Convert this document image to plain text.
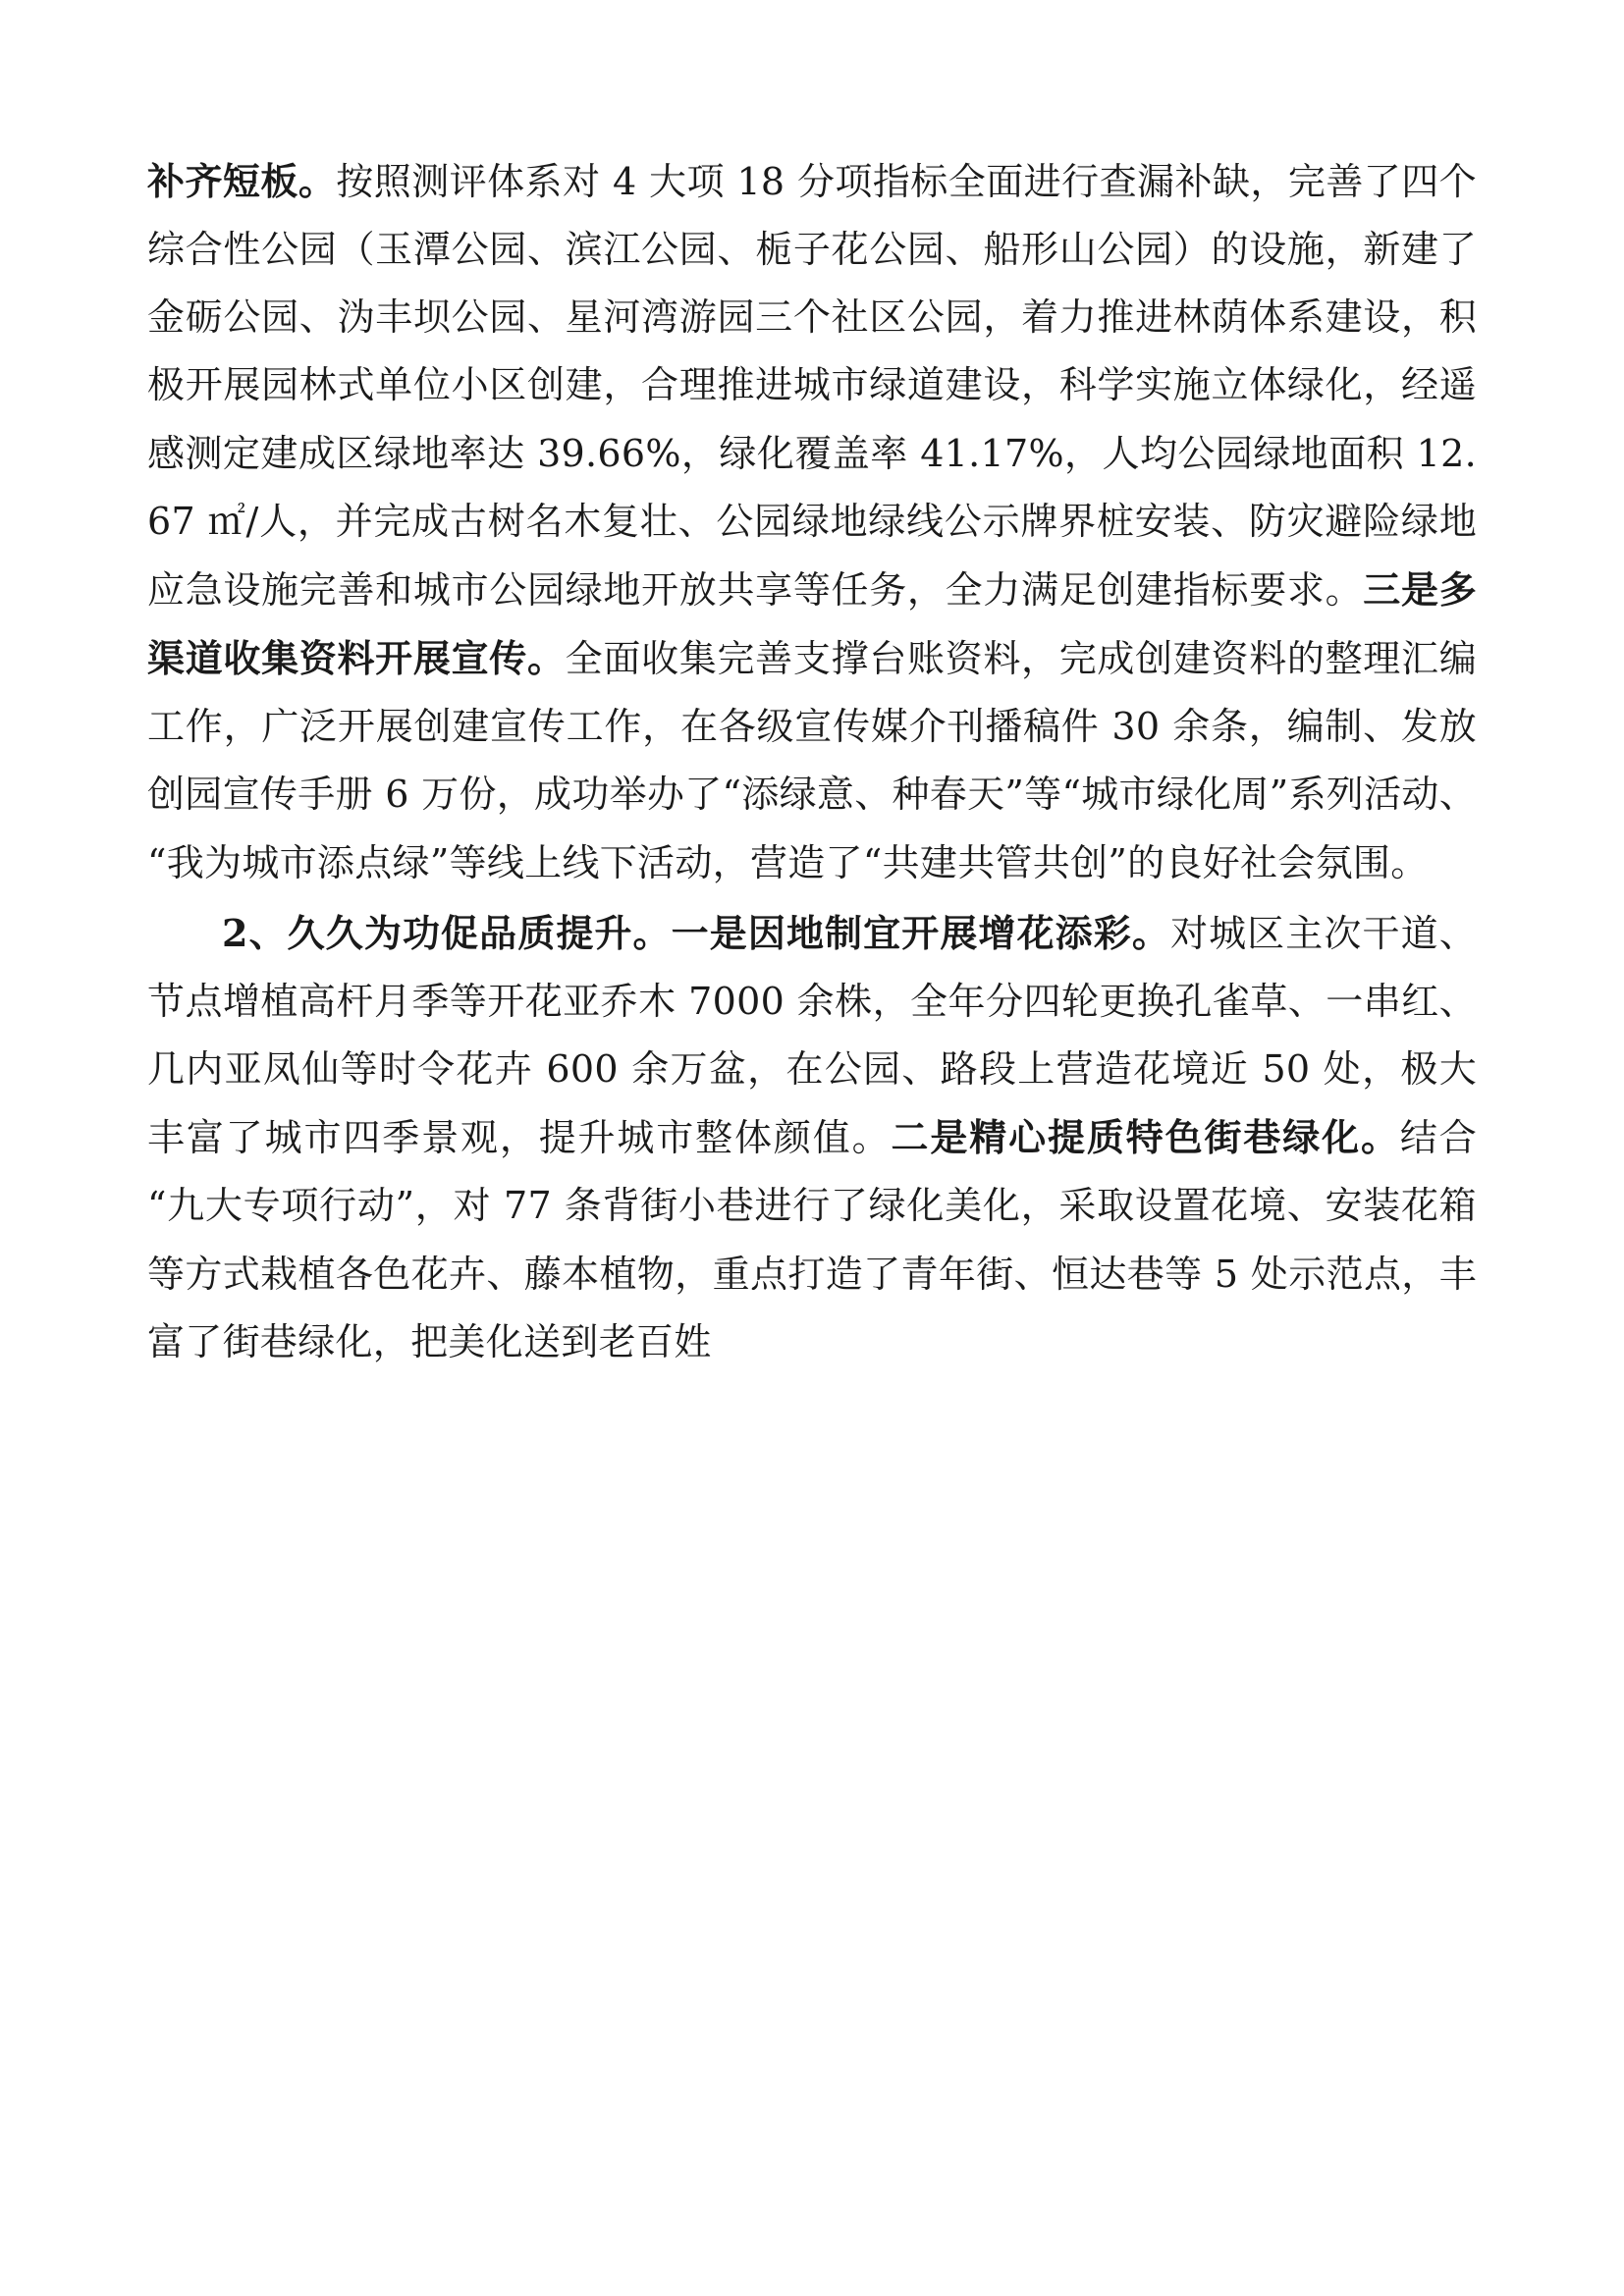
补齐短板。按照测评体系对 4 大项 18 分项指标全面进行查漏补缺，完善了四个综合性公园（玉潭公园、滨江公园、栀子花公园、船形山公园）的设施，新建了金砺公园、沩丰坝公园、星河湾游园三个社区公园，着力推进林荫体系建设，积极开展园林式单位小区创建，合理推进城市绿道建设，科学实施立体绿化，经遥感测定建成区绿地率达 39.66%，绿化覆盖率 41.17%，人均公园绿地面积 12.67 ㎡/人，并完成古树名木复壮、公园绿地绿线公示牌界桩安装、防灾避险绿地应急设施完善和城市公园绿地开放共享等任务，全力满足创建指标要求。三是多渠道收集资料开展宣传。全面收集完善支撑台账资料，完成创建资料的整理汇编工作，广泛开展创建宣传工作，在各级宣传媒介刊播稿件 30 余条，编制、发放创园宣传手册 6 万份，成功举办了“添绿意、种春天”等“城市绿化周”系列活动、“我为城市添点绿”等线上线下活动，营造了“共建共管共创”的良好社会氛围。

2、久久为功促品质提升。一是因地制宜开展增花添彩。对城区主次干道、节点增植高杆月季等开花亚乔木 7000 余株，全年分四轮更换孔雀草、一串红、几内亚凤仙等时令花卉 600 余万盆，在公园、路段上营造花境近 50 处，极大丰富了城市四季景观，提升城市整体颜值。二是精心提质特色街巷绿化。结合“九大专项行动”，对 77 条背街小巷进行了绿化美化，采取设置花境、安装花箱等方式栽植各色花卉、藤本植物，重点打造了青年街、恒达巷等 5 处示范点，丰富了街巷绿化，把美化送到老百姓
